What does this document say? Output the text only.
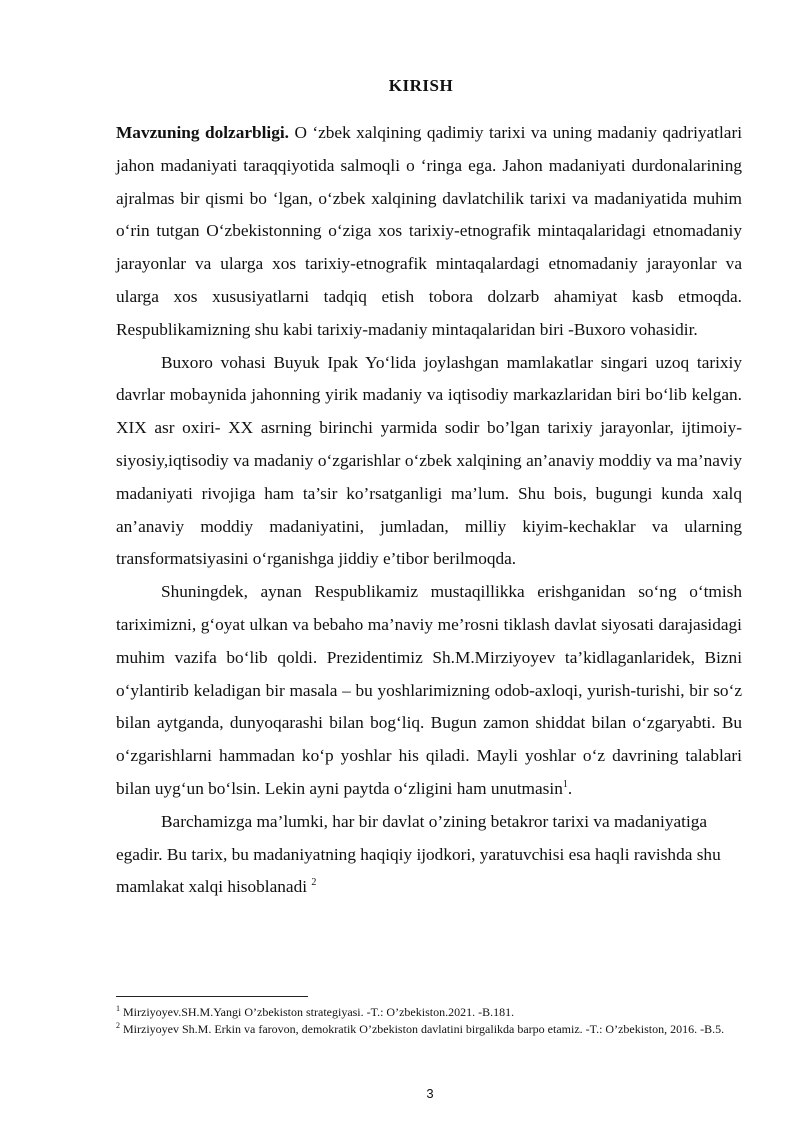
KIRISH

Mavzuning dolzarbligi. O ‘zbek xalqining qadimiy tarixi va uning madaniy qadriyatlari jahon madaniyati taraqqiyotida salmoqli o ‘ringa ega. Jahon madaniyati durdonalarining ajralmas bir qismi bo ‘lgan, o‘zbek xalqining davlatchilik tarixi va madaniyatida muhim o‘rin tutgan O‘zbekistonning o‘ziga xos tarixiy-etnografik mintaqalaridagi etnomadaniy jarayonlar va ularga xos tarixiy-etnografik mintaqalardagi etnomadaniy jarayonlar va ularga xos xususiyatlarni tadqiq etish tobora dolzarb ahamiyat kasb etmoqda. Respublikamizning shu kabi tarixiy-madaniy mintaqalaridan biri -Buxoro vohasidir.

Buxoro vohasi Buyuk Ipak Yo‘lida joylashgan mamlakatlar singari uzoq tarixiy davrlar mobaynida jahonning yirik madaniy va iqtisodiy markazlaridan biri bo‘lib kelgan. XIX asr oxiri- XX asrning birinchi yarmida sodir bo’lgan tarixiy jarayonlar, ijtimoiy-siyosiy,iqtisodiy va madaniy o‘zgarishlar o‘zbek xalqining an’anaviy moddiy va ma’naviy madaniyati rivojiga ham ta’sir ko’rsatganligi ma’lum. Shu bois, bugungi kunda xalq an’anaviy moddiy madaniyatini, jumladan, milliy kiyim-kechaklar va ularning transformatsiyasini o‘rganishga jiddiy e’tibor berilmoqda.

Shuningdek, aynan Respublikamiz mustaqillikka erishganidan so‘ng o‘tmish tariximizni, g‘oyat ulkan va bebaho ma’naviy me’rosni tiklash davlat siyosati darajasidagi muhim vazifa bo‘lib qoldi. Prezidentimiz Sh.M.Mirziyoyev ta’kidlaganlaridek, Bizni o‘ylantirib keladigan bir masala – bu yoshlarimizning odob-axloqi, yurish-turishi, bir so‘z bilan aytganda, dunyoqarashi bilan bog‘liq. Bugun zamon shiddat bilan o‘zgaryabti. Bu o‘zgarishlarni hammadan ko‘p yoshlar his qiladi. Mayli yoshlar o‘z davrining talablari bilan uyg‘un bo‘lsin. Lekin ayni paytda o‘zligini ham unutmasin$^1$.

Barchamizga ma’lumki, har bir davlat o’zining betakror tarixi va madaniyatiga egadir. Bu tarix, bu madaniyatning haqiqiy ijodkori, yaratuvchisi esa haqli ravishda shu mamlakat xalqi hisoblanadi $^2$

$^1$ Mirziyoyev.SH.M.Yangi O’zbekiston strategiyasi. -T.: O’zbekiston.2021. -B.181.

$^2$ Mirziyoyev Sh.M. Erkin va farovon, demokratik O’zbekiston davlatini birgalikda barpo etamiz. -T.: O’zbekiston, 2016. -B.5.

3
